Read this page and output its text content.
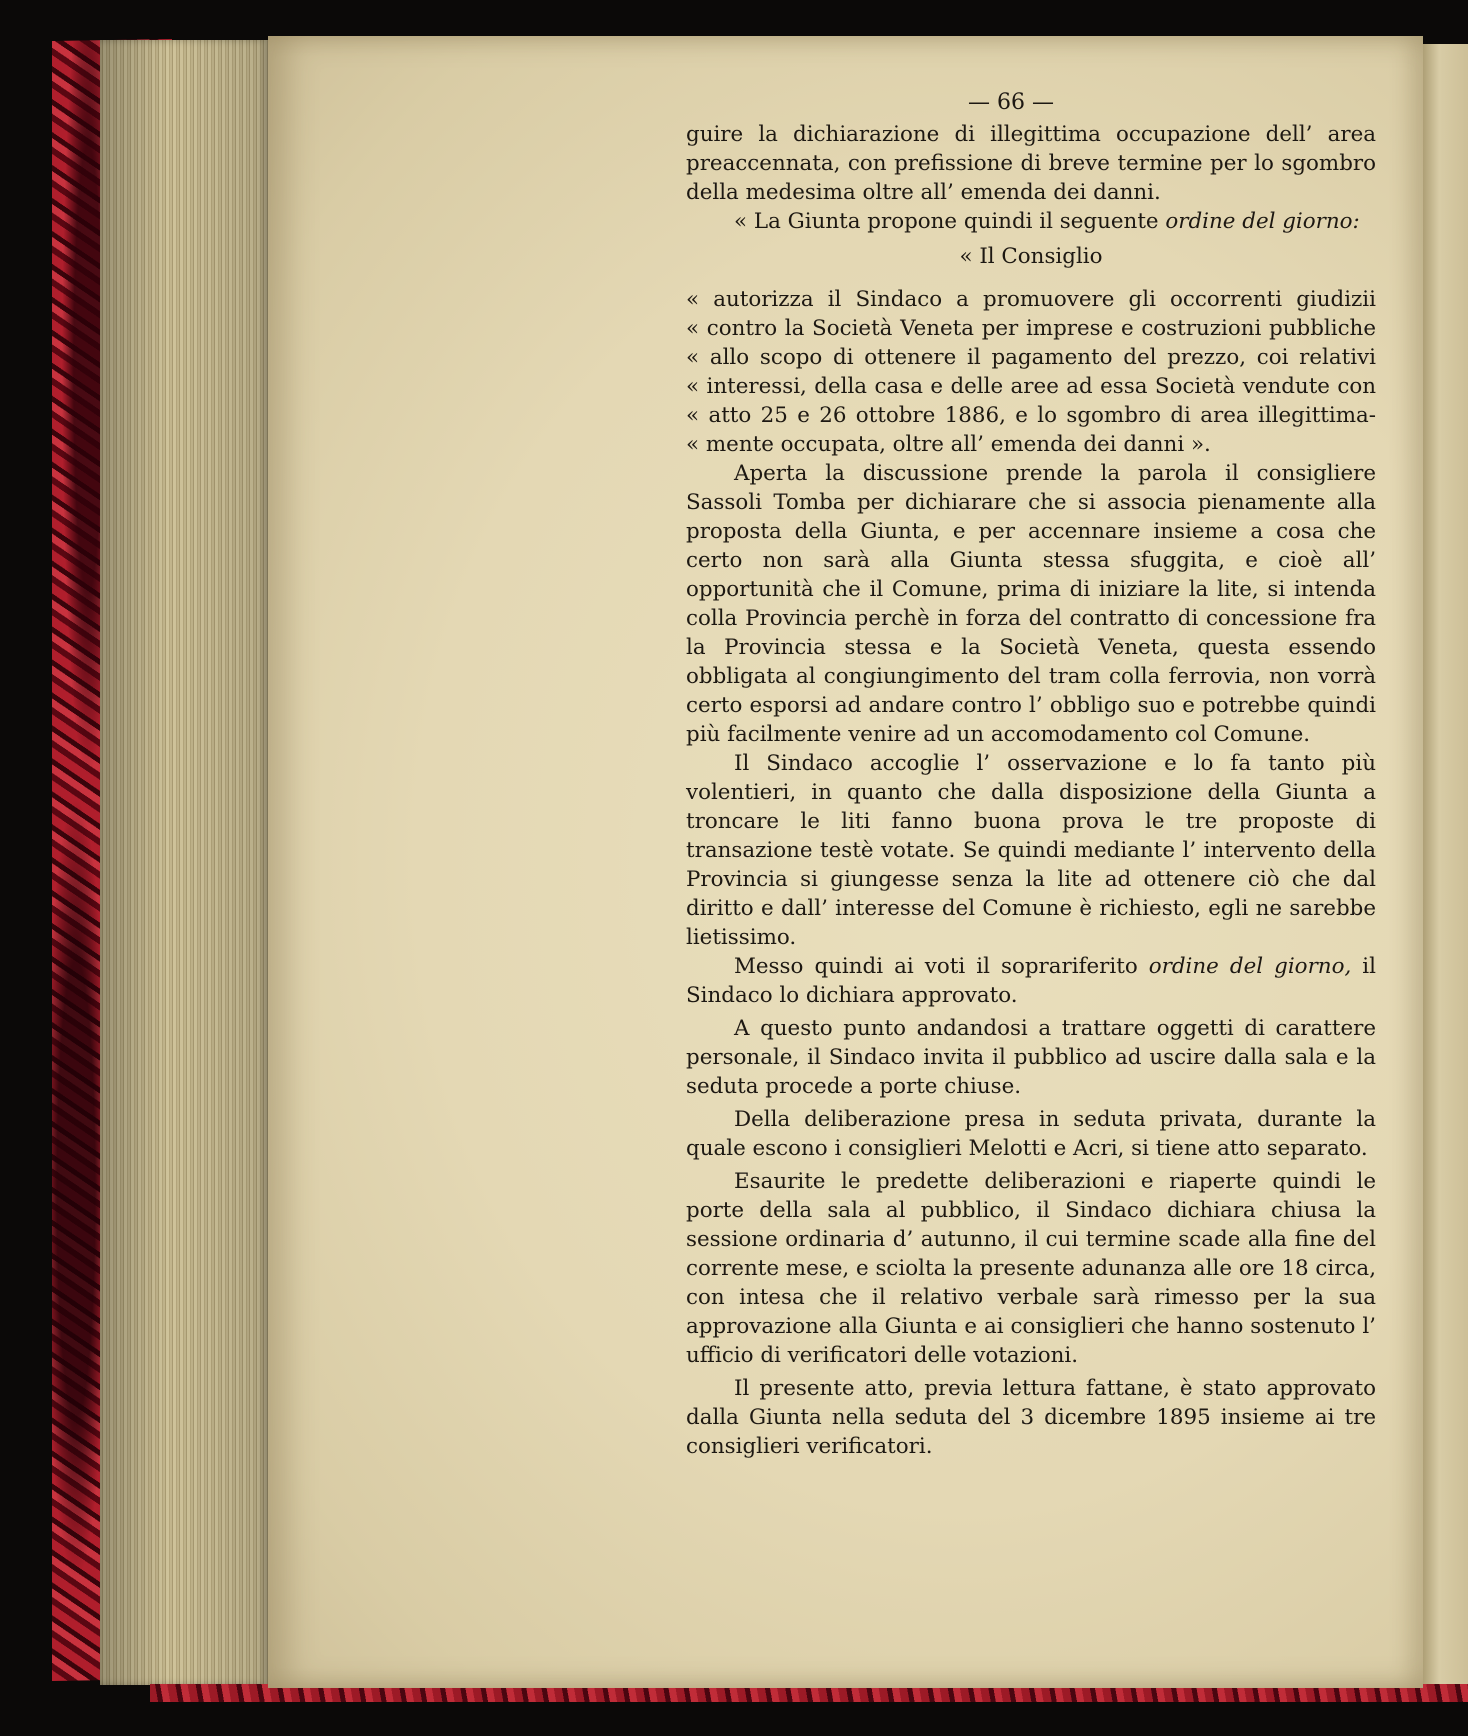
— 66 —

guire la dichiarazione di illegittima occupazione dell’ area preaccennata, con prefissione di breve termine per lo sgombro della medesima oltre all’ emenda dei danni.

« La Giunta propone quindi il seguente ordine del giorno:

« Il Consiglio

« autorizza il Sindaco a promuovere gli occorrenti giudizii

« contro la Società Veneta per imprese e costruzioni pubbliche

« allo scopo di ottenere il pagamento del prezzo, coi relativi

« interessi, della casa e delle aree ad essa Società vendute con

« atto 25 e 26 ottobre 1886, e lo sgombro di area illegittima-

« mente occupata, oltre all’ emenda dei danni ».

Aperta la discussione prende la parola il consigliere Sassoli Tomba per dichiarare che si associa pienamente alla proposta della Giunta, e per accennare insieme a cosa che certo non sarà alla Giunta stessa sfuggita, e cioè all’ opportunità che il Comune, prima di iniziare la lite, si intenda colla Provincia perchè in forza del contratto di concessione fra la Provincia stessa e la Società Veneta, questa essendo obbligata al congiungimento del tram colla ferrovia, non vorrà certo esporsi ad andare contro l’ obbligo suo e potrebbe quindi più facilmente venire ad un accomodamento col Comune.

Il Sindaco accoglie l’ osservazione e lo fa tanto più volentieri, in quanto che dalla disposizione della Giunta a troncare le liti fanno buona prova le tre proposte di transazione testè votate. Se quindi mediante l’ intervento della Provincia si giungesse senza la lite ad ottenere ciò che dal diritto e dall’ interesse del Comune è richiesto, egli ne sarebbe lietissimo.

Messo quindi ai voti il soprariferito ordine del giorno, il Sindaco lo dichiara approvato.

A questo punto andandosi a trattare oggetti di carattere personale, il Sindaco invita il pubblico ad uscire dalla sala e la seduta procede a porte chiuse.

Della deliberazione presa in seduta privata, durante la quale escono i consiglieri Melotti e Acri, si tiene atto separato.

Esaurite le predette deliberazioni e riaperte quindi le porte della sala al pubblico, il Sindaco dichiara chiusa la sessione ordinaria d’ autunno, il cui termine scade alla fine del corrente mese, e sciolta la presente adunanza alle ore 18 circa, con intesa che il relativo verbale sarà rimesso per la sua approvazione alla Giunta e ai consiglieri che hanno sostenuto l’ ufficio di verificatori delle votazioni.

Il presente atto, previa lettura fattane, è stato approvato dalla Giunta nella seduta del 3 dicembre 1895 insieme ai tre consiglieri verificatori.
